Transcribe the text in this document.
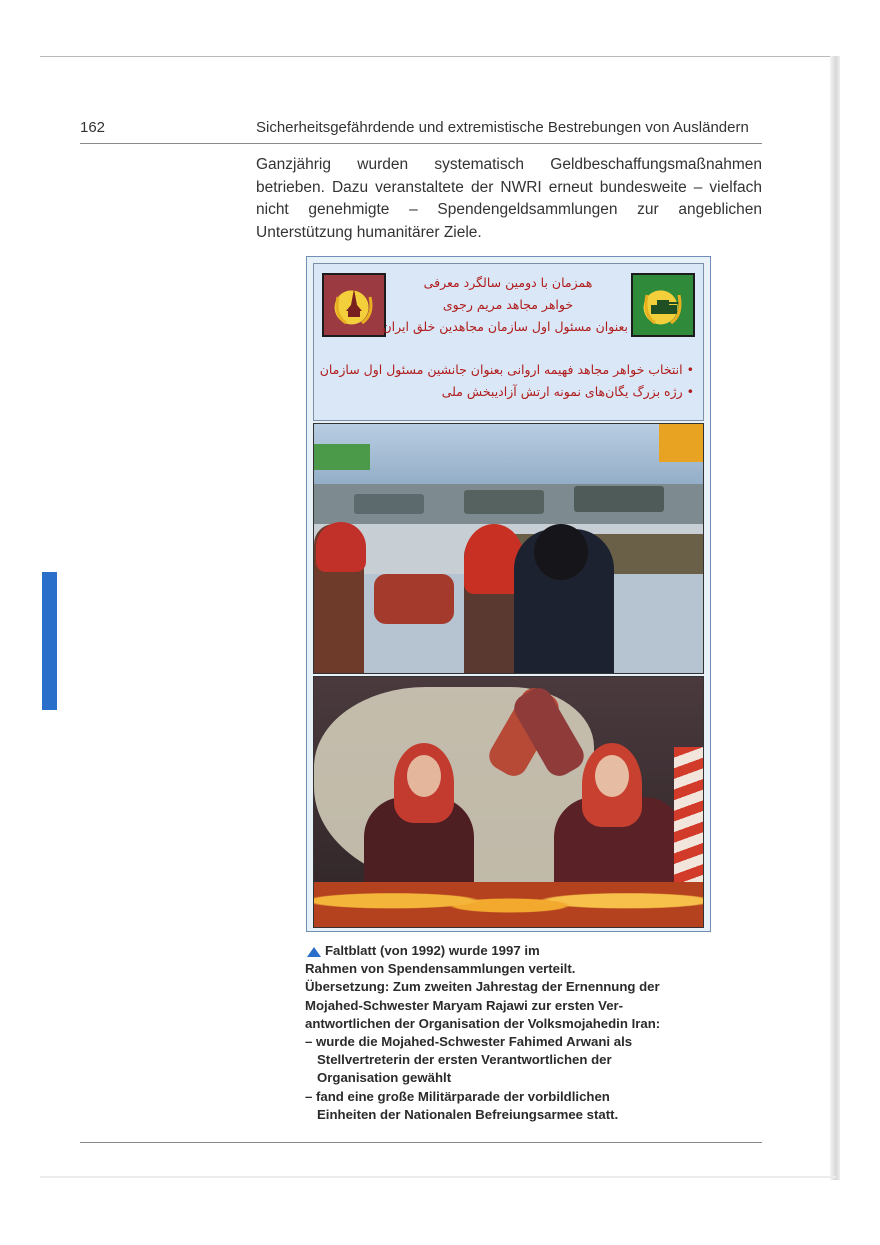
162	Sicherheitsgefährdende und extremistische Bestrebungen von Ausländern
Ganzjährig wurden systematisch Geldbeschaffungsmaßnahmen betrieben. Dazu veranstaltete der NWRI erneut bundesweite – vielfach nicht genehmigte – Spendengeldsammlungen zur angeblichen Unterstützung humanitärer Ziele.
همزمان با دومین سالگرد معرفی
خواهر مجاهد مریم رجوی
بعنوان مسئول اول سازمان مجاهدین خلق ایران
• انتخاب خواهر مجاهد فهیمه اروانی بعنوان جانشین مسئول اول سازمان
• رژه بزرگ یگان‌های نمونه ارتش آزادیبخش ملی
Faltblatt (von 1992) wurde 1997 im
Rahmen von Spendensammlungen verteilt.
Übersetzung: Zum zweiten Jahrestag der Ernennung der
Mojahed-Schwester Maryam Rajawi zur ersten Ver-
antwortlichen der Organisation der Volksmojahedin Iran:
– wurde die Mojahed-Schwester Fahimed Arwani als
Stellvertreterin der ersten Verantwortlichen der
Organisation gewählt
– fand eine große Militärparade der vorbildlichen
Einheiten der Nationalen Befreiungsarmee statt.
